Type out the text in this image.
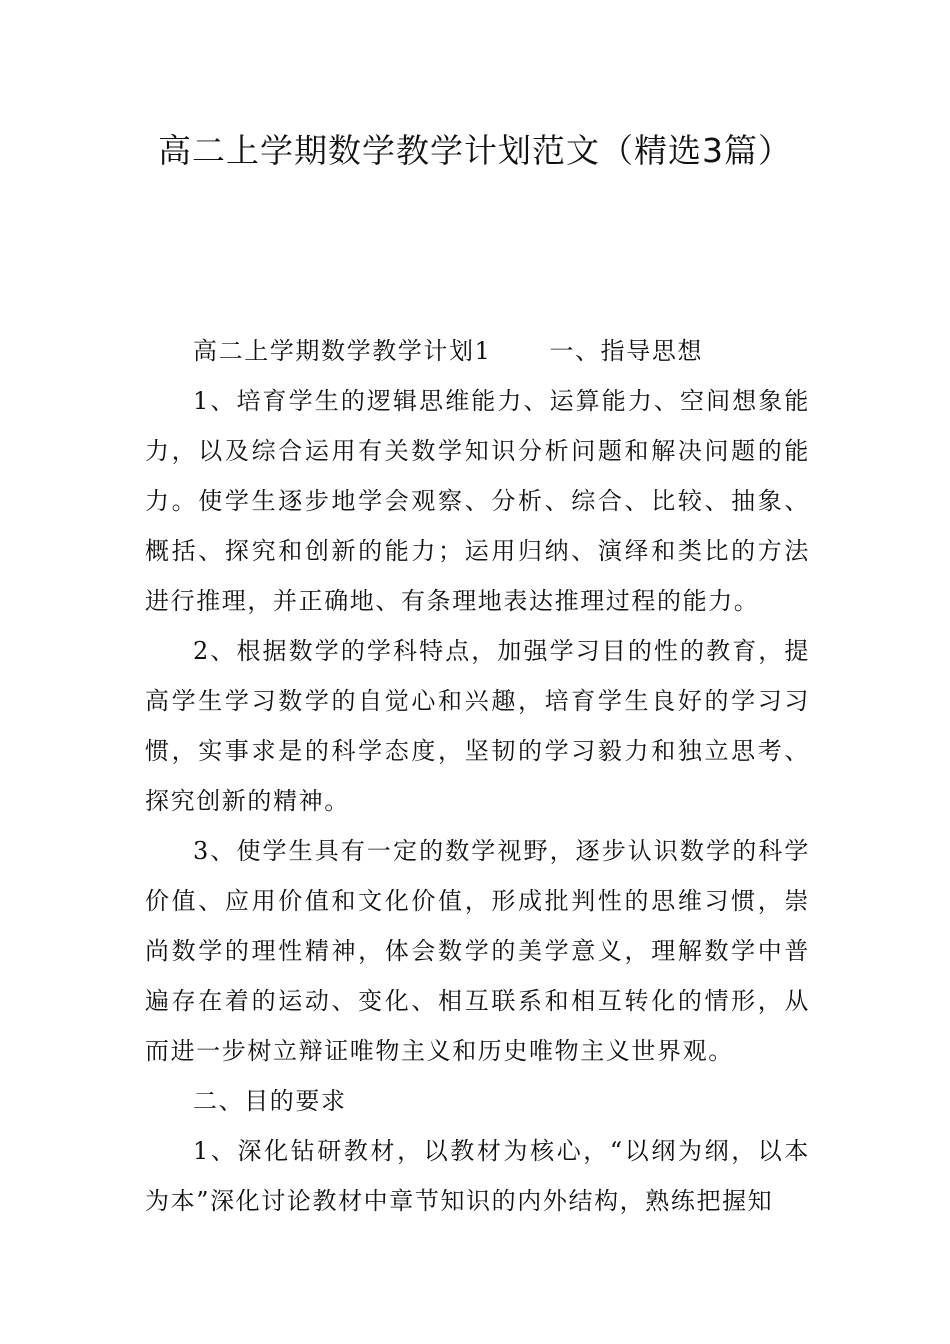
高二上学期数学教学计划范文（精选3篇）

高二上学期数学教学计划1 一、指导思想

1、培育学生的逻辑思维能力、运算能力、空间想象能力，以及综合运用有关数学知识分析问题和解决问题的能力。使学生逐步地学会观察、分析、综合、比较、抽象、概括、探究和创新的能力；运用归纳、演绎和类比的方法进行推理，并正确地、有条理地表达推理过程的能力。

2、根据数学的学科特点，加强学习目的性的教育，提高学生学习数学的自觉心和兴趣，培育学生良好的学习习惯，实事求是的科学态度，坚韧的学习毅力和独立思考、探究创新的精神。

3、使学生具有一定的数学视野，逐步认识数学的科学价值、应用价值和文化价值，形成批判性的思维习惯，崇尚数学的理性精神，体会数学的美学意义，理解数学中普遍存在着的运动、变化、相互联系和相互转化的情形，从而进一步树立辩证唯物主义和历史唯物主义世界观。

二、目的要求

1、深化钻研教材，以教材为核心，“以纲为纲，以本为本”深化讨论教材中章节知识的内外结构，熟练把握知
